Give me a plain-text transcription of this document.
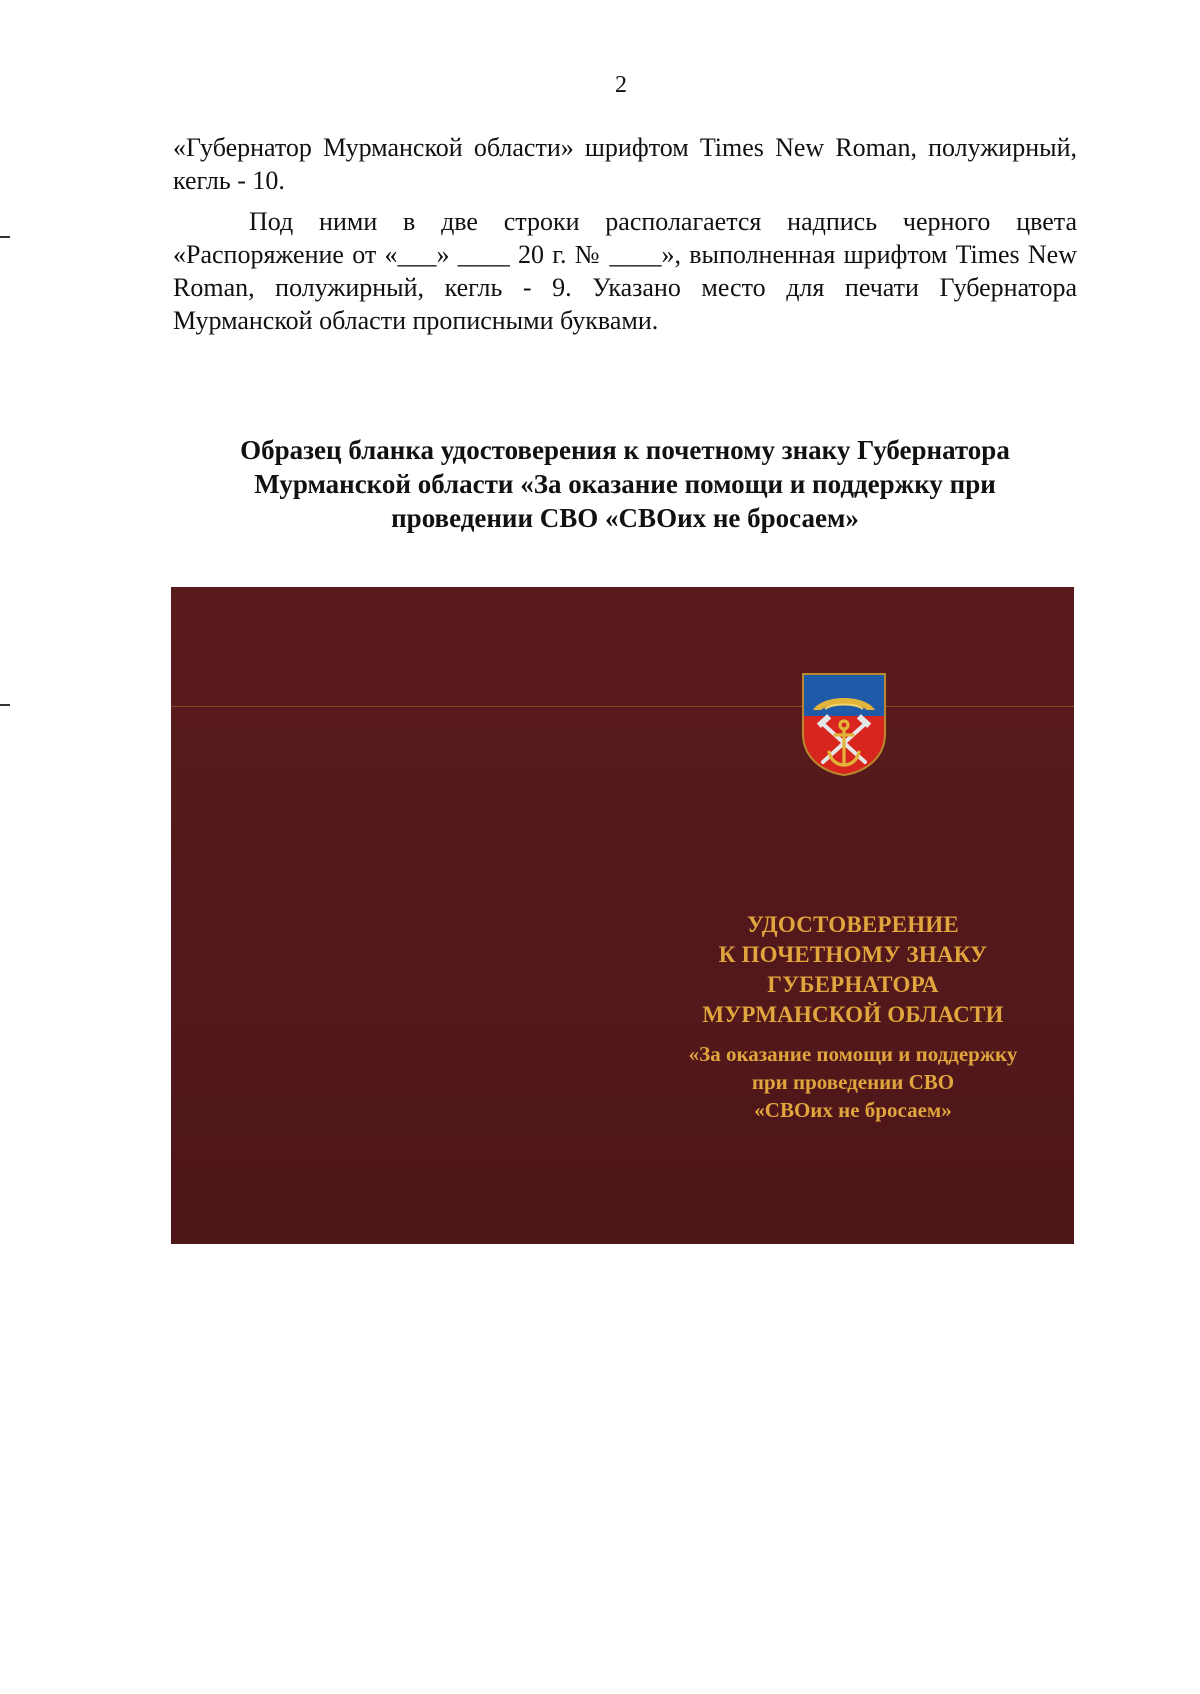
2

«Губернатор Мурманской области» шрифтом Times New Roman, полужирный, кегль - 10.

Под ними в две строки располагается надпись черного цвета «Распоряжение от «___» ____ 20 г. № ____», выполненная шрифтом Times New Roman, полужирный, кегль - 9. Указано место для печати Губернатора Мурманской области прописными буквами.

Образец бланка удостоверения к почетному знаку Губернатора
Мурманской области «За оказание помощи и поддержку при
проведении СВО «СВОих не бросаем»
УДОСТОВЕРЕНИЕ
К ПОЧЕТНОМУ ЗНАКУ
ГУБЕРНАТОРА
МУРМАНСКОЙ ОБЛАСТИ
«За оказание помощи и поддержку
при проведении СВО
«СВОих не бросаем»
